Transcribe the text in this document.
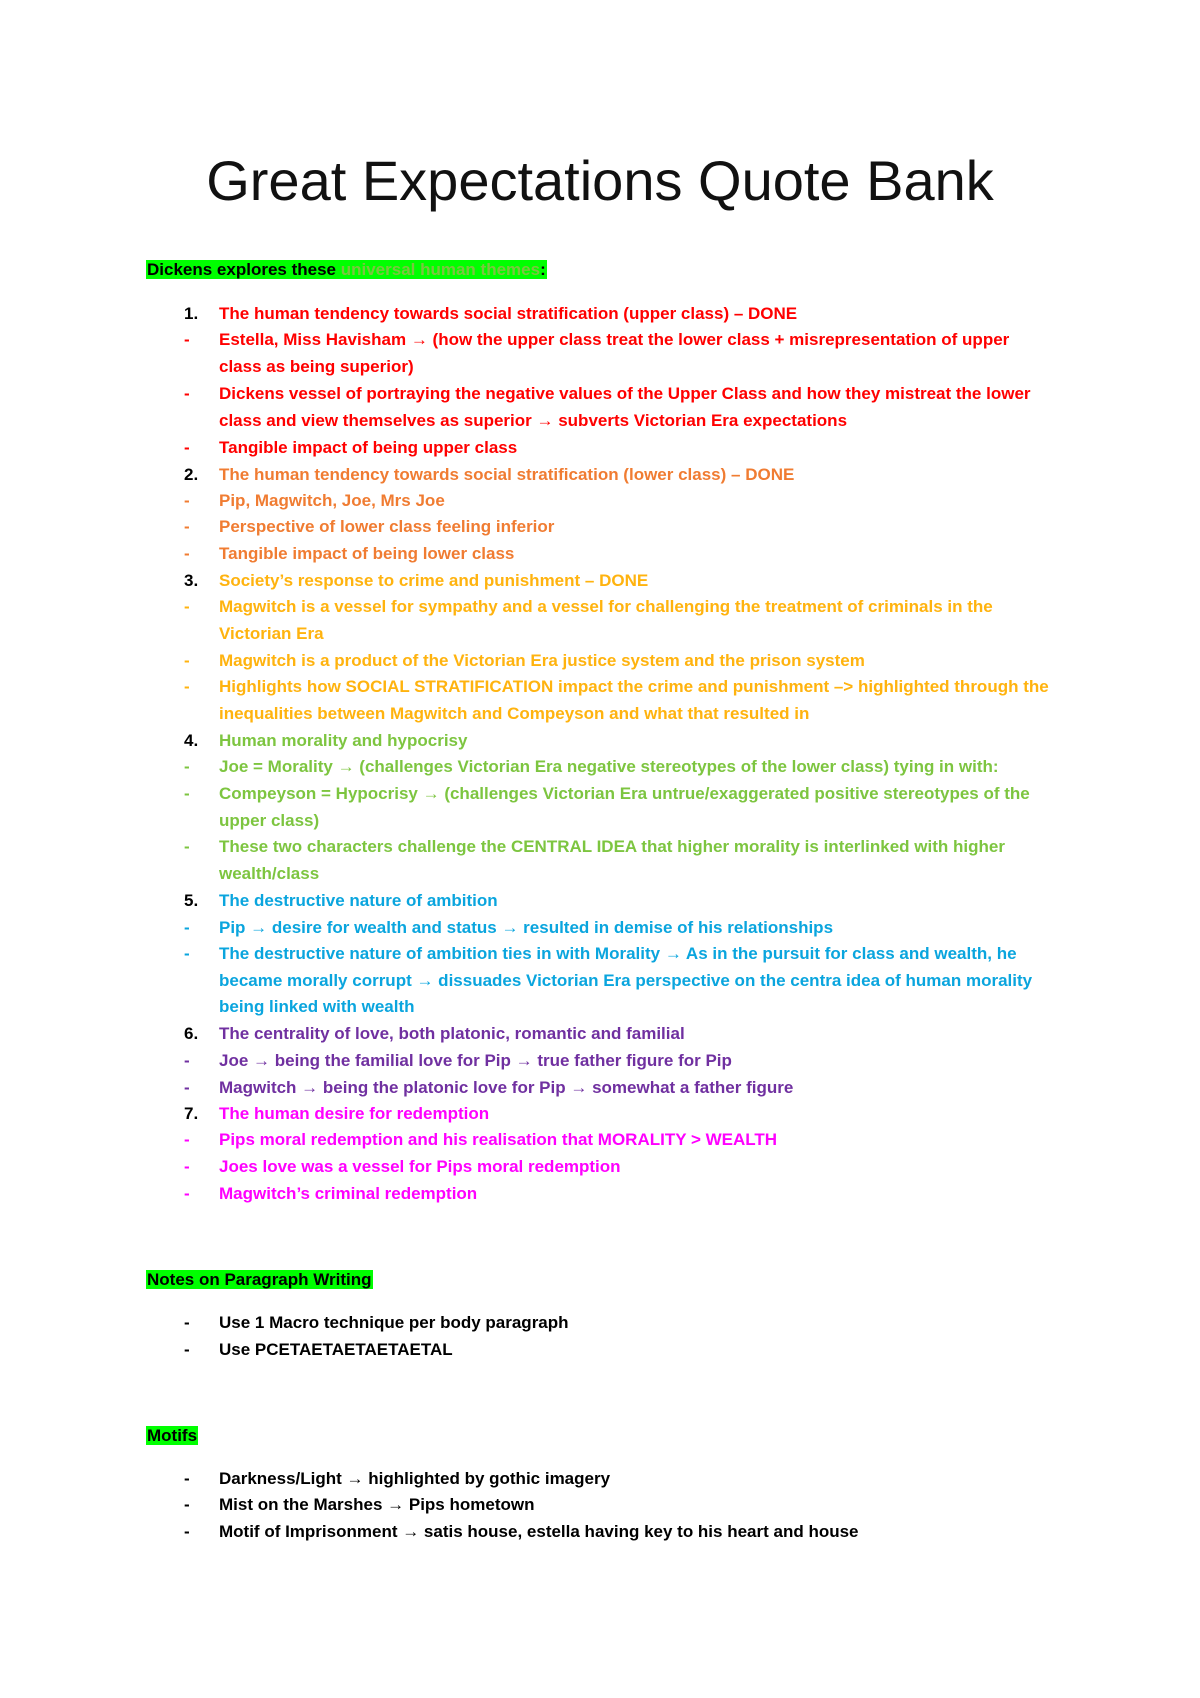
Great Expectations Quote Bank
Dickens explores these universal human themes:
1.	The human tendency towards social stratification (upper class) – DONE
-	Estella, Miss Havisham → (how the upper class treat the lower class + misrepresentation of upper class as being superior)
-	Dickens vessel of portraying the negative values of the Upper Class and how they mistreat the lower class and view themselves as superior → subverts Victorian Era expectations
-	Tangible impact of being upper class
2.	The human tendency towards social stratification (lower class) – DONE
-	Pip, Magwitch, Joe, Mrs Joe
-	Perspective of lower class feeling inferior
-	Tangible impact of being lower class
3.	Society’s response to crime and punishment – DONE
-	Magwitch is a vessel for sympathy and a vessel for challenging the treatment of criminals in the Victorian Era
-	Magwitch is a product of the Victorian Era justice system and the prison system
-	Highlights how SOCIAL STRATIFICATION impact the crime and punishment –> highlighted through the inequalities between Magwitch and Compeyson and what that resulted in
4.	Human morality and hypocrisy
-	Joe = Morality → (challenges Victorian Era negative stereotypes of the lower class) tying in with:
-	Compeyson = Hypocrisy → (challenges Victorian Era untrue/exaggerated positive stereotypes of the upper class)
-	These two characters challenge the CENTRAL IDEA that higher morality is interlinked with higher wealth/class
5.	The destructive nature of ambition
-	Pip → desire for wealth and status → resulted in demise of his relationships
-	The destructive nature of ambition ties in with Morality → As in the pursuit for class and wealth, he became morally corrupt → dissuades Victorian Era perspective on the centra idea of human morality being linked with wealth
6.	The centrality of love, both platonic, romantic and familial
-	Joe → being the familial love for Pip → true father figure for Pip
-	Magwitch → being the platonic love for Pip → somewhat a father figure
7.	The human desire for redemption
-	Pips moral redemption and his realisation that MORALITY > WEALTH
-	Joes love was a vessel for Pips moral redemption
-	Magwitch’s criminal redemption
Notes on Paragraph Writing
-	Use 1 Macro technique per body paragraph
-	Use PCETAETAETAETAETAL
Motifs
-	Darkness/Light → highlighted by gothic imagery
-	Mist on the Marshes → Pips hometown
-	Motif of Imprisonment → satis house, estella having key to his heart and house
